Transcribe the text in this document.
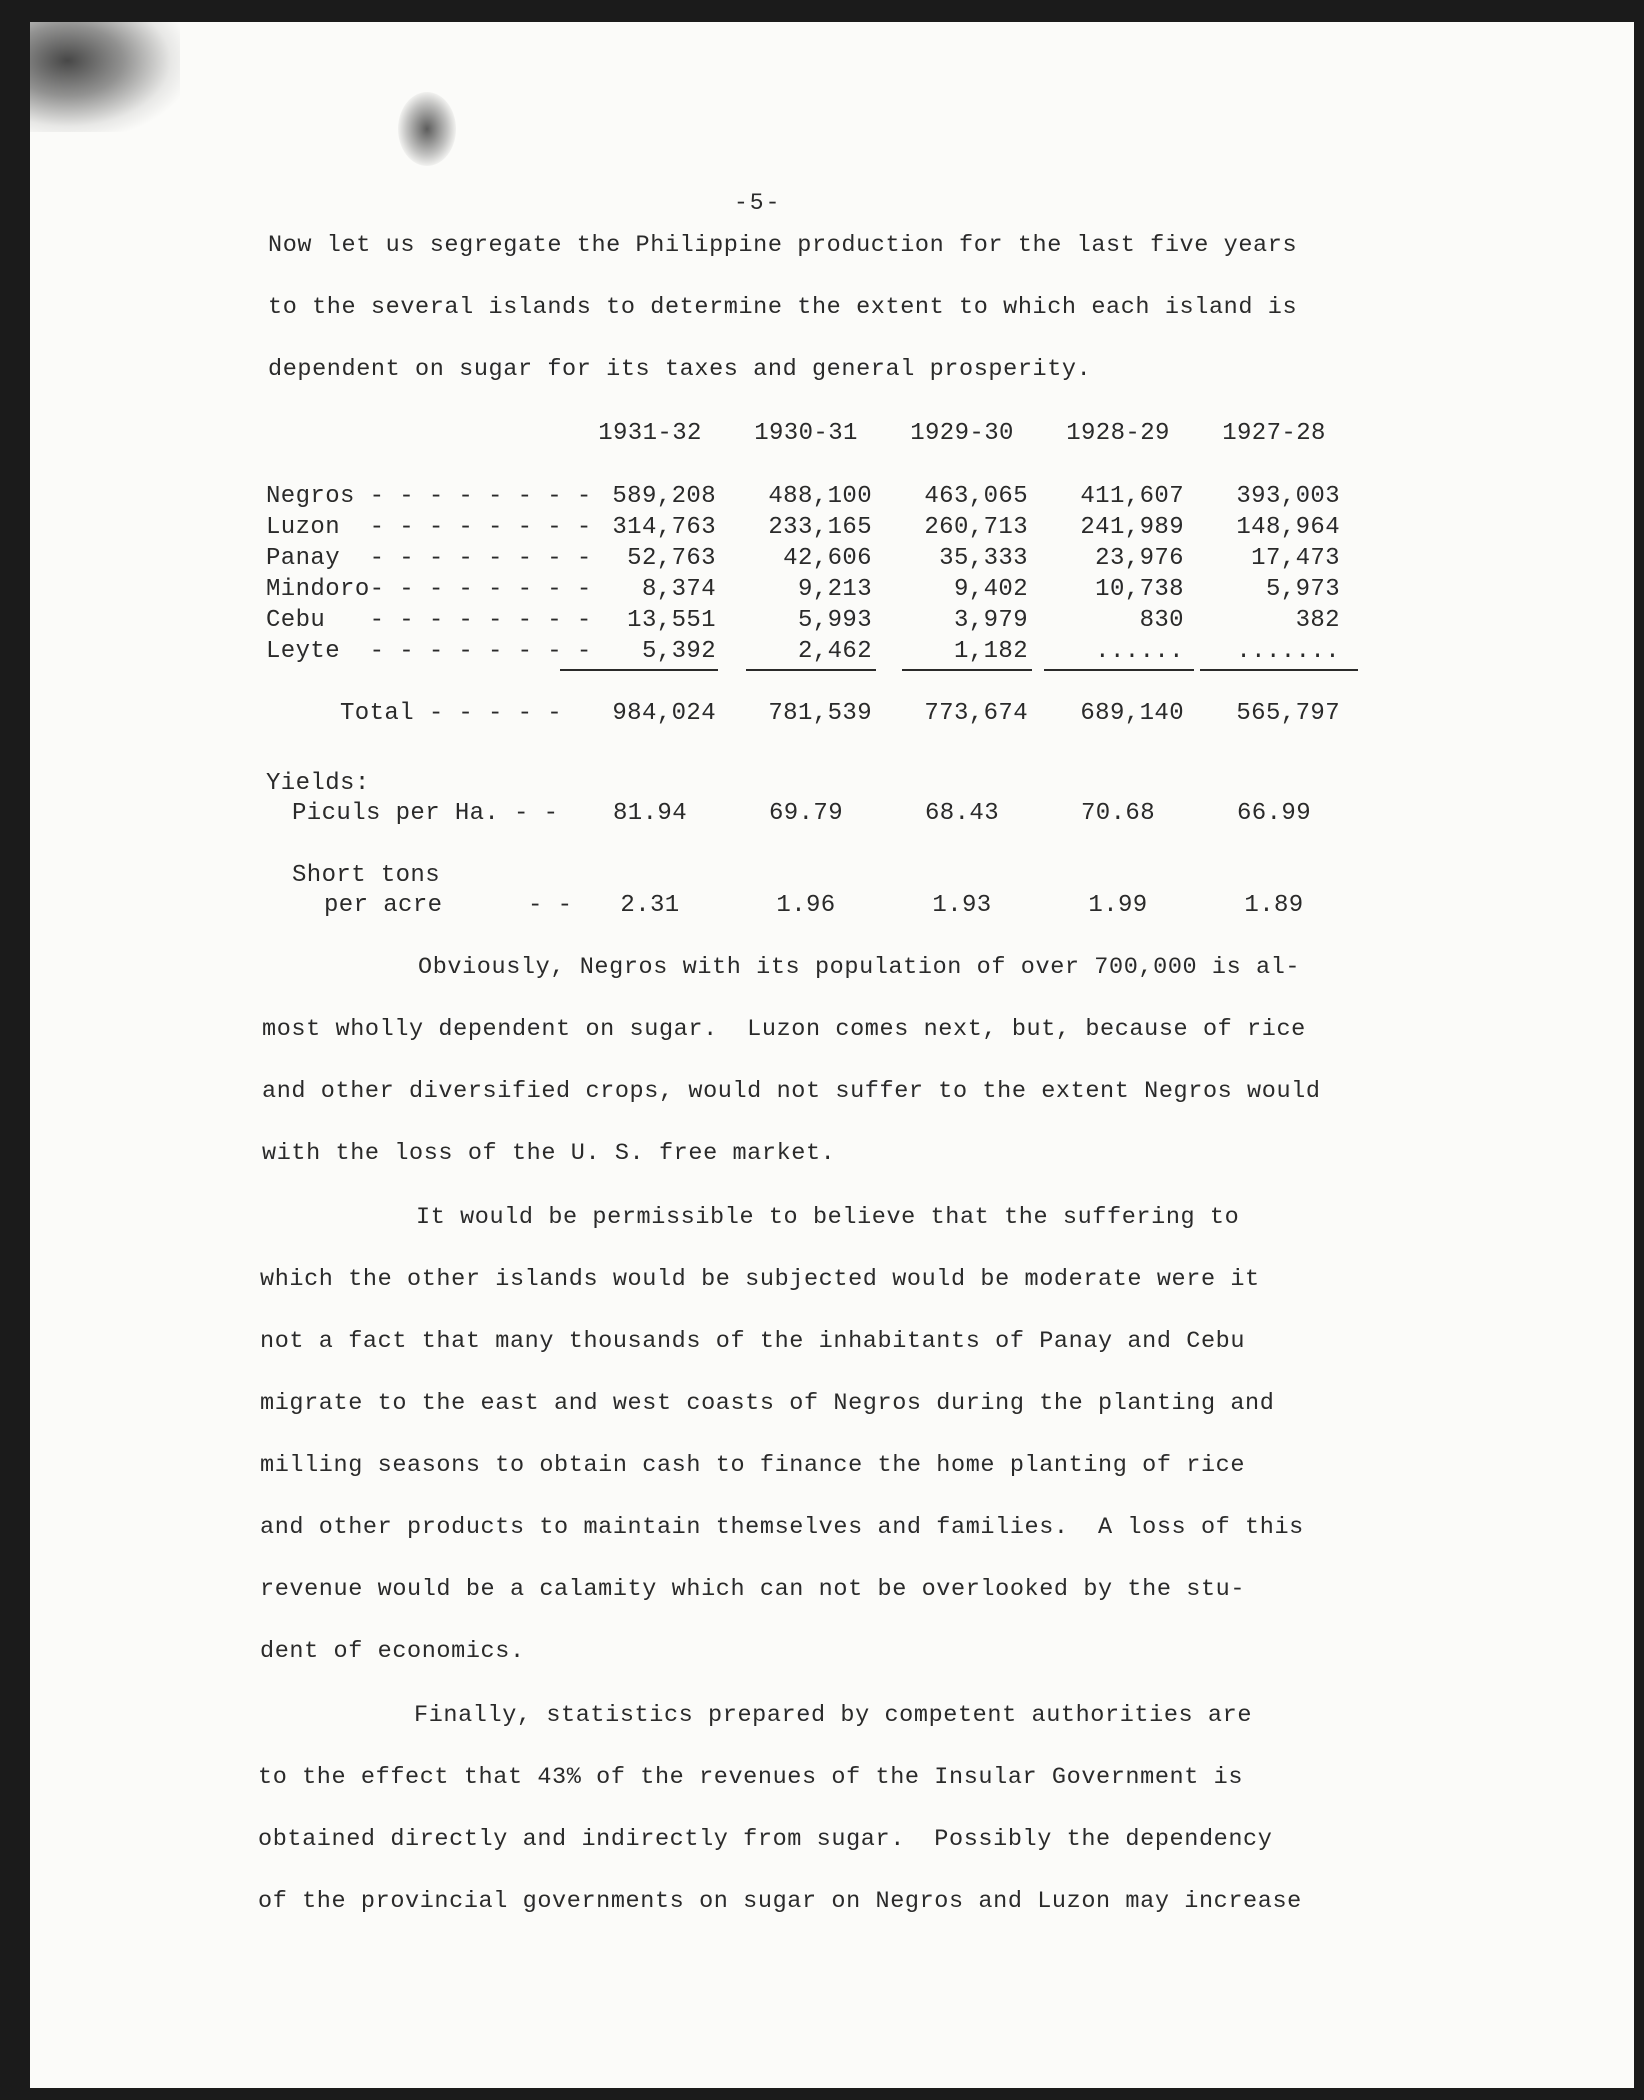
-5-
Now let us segregate the Philippine production for the last five years
to the several islands to determine the extent to which each island is
dependent on sugar for its taxes and general prosperity.
1931-32	1930-31	1929-30	1928-29	1927-28
Negros - - - - - - - - 589,208	488,100	463,065	411,607	393,003
Luzon  - - - - - - - - 314,763	233,165	260,713	241,989	148,964
Panay  - - - - - - - -	52,763	42,606	35,333	23,976	17,473
Mindoro- - - - - - - -	8,374	9,213	9,402	10,738	5,973
Cebu   - - - - - - - -	13,551	5,993	3,979	830	382
Leyte  - - - - - - - -	5,392	2,462	1,182	......	.......
Total - - - - -	984,024	781,539	773,674	689,140	565,797
Yields:
Piculs per Ha. - -	81.94	69.79	68.43	70.68	66.99
Short tons
per acre	- -	2.31	1.96	1.93	1.99	1.89
Obviously, Negros with its population of over 700,000 is al-
most wholly dependent on sugar.  Luzon comes next, but, because of rice
and other diversified crops, would not suffer to the extent Negros would
with the loss of the U. S. free market.
It would be permissible to believe that the suffering to
which the other islands would be subjected would be moderate were it
not a fact that many thousands of the inhabitants of Panay and Cebu
migrate to the east and west coasts of Negros during the planting and
milling seasons to obtain cash to finance the home planting of rice
and other products to maintain themselves and families.  A loss of this
revenue would be a calamity which can not be overlooked by the stu-
dent of economics.
Finally, statistics prepared by competent authorities are
to the effect that 43% of the revenues of the Insular Government is
obtained directly and indirectly from sugar.  Possibly the dependency
of the provincial governments on sugar on Negros and Luzon may increase
